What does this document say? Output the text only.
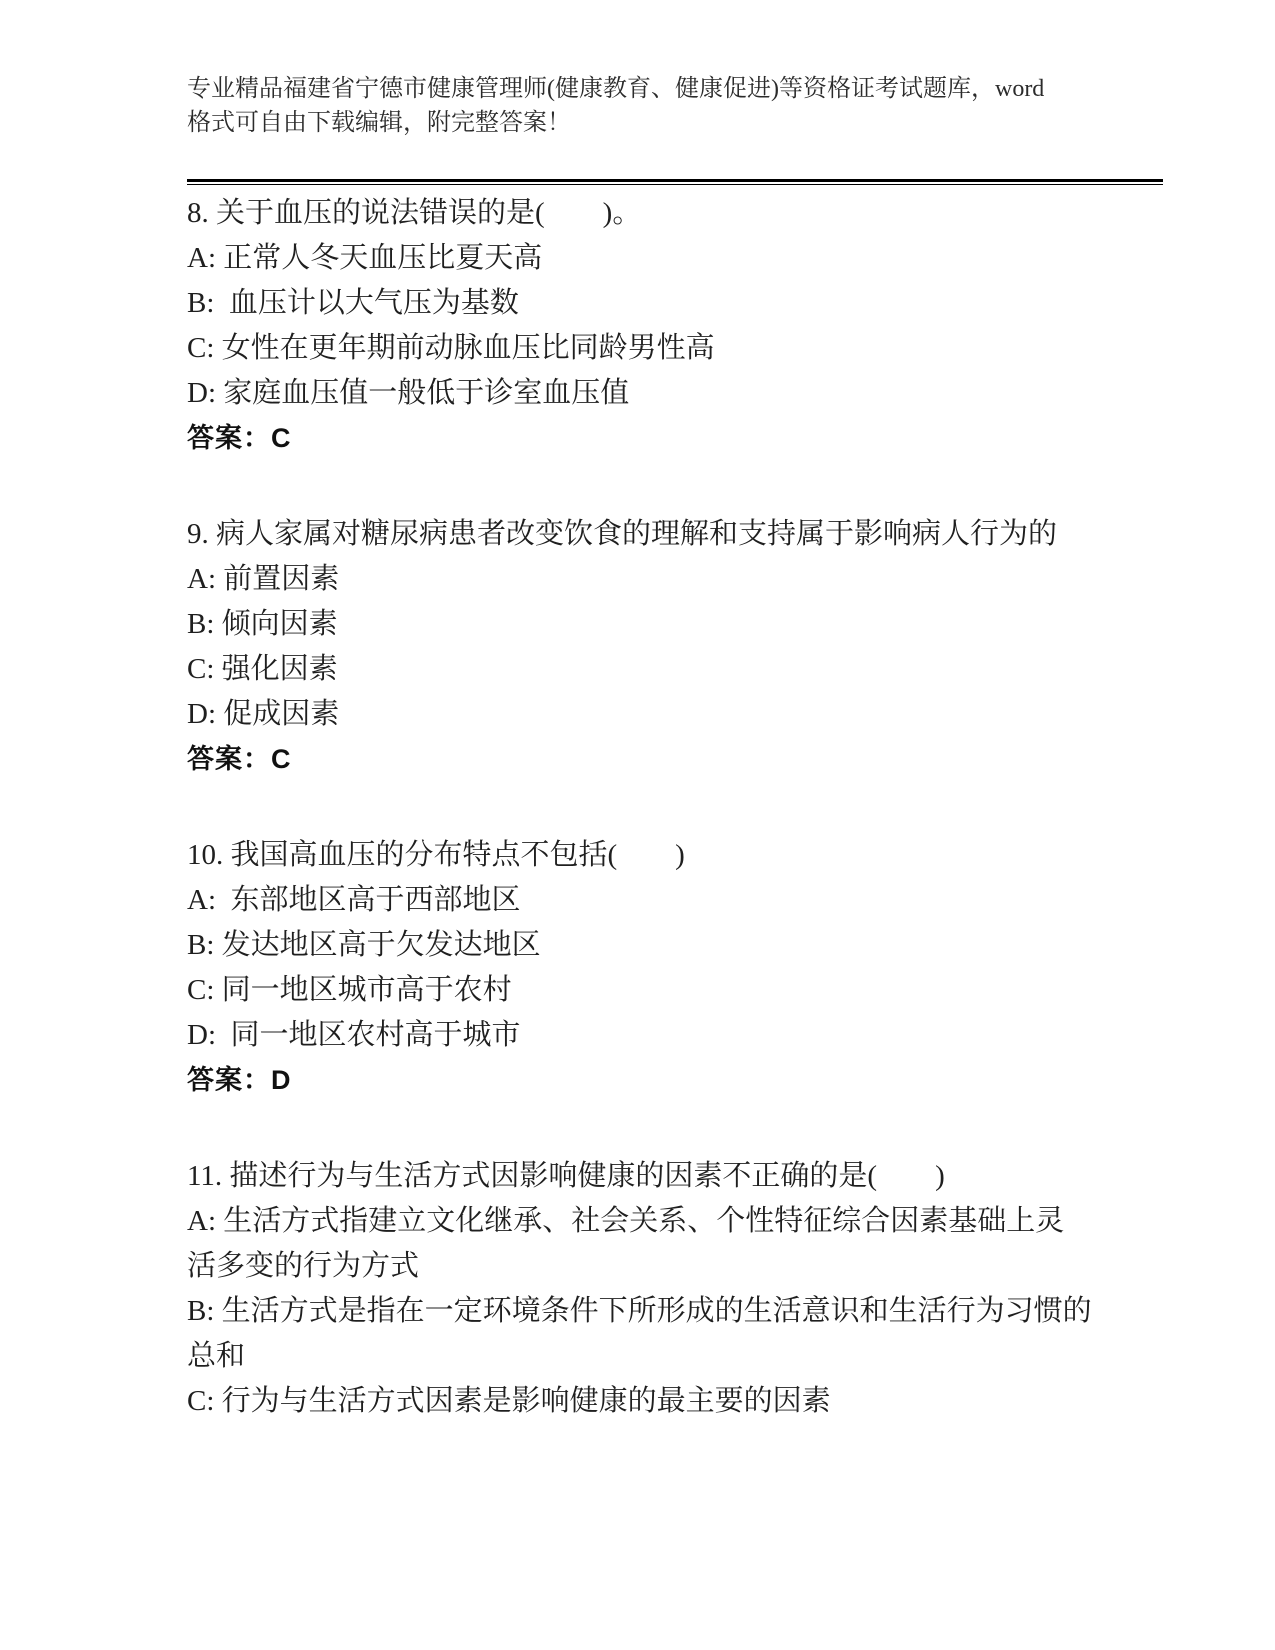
专业精品福建省宁德市健康管理师(健康教育、健康促进)等资格证考试题库，word
格式可自由下载编辑，附完整答案！
8. 关于血压的说法错误的是(　　)。
A: 正常人冬天血压比夏天高
B:  血压计以大气压为基数
C: 女性在更年期前动脉血压比同龄男性高
D: 家庭血压值一般低于诊室血压值
答案：C
9. 病人家属对糖尿病患者改变饮食的理解和支持属于影响病人行为的
A: 前置因素
B: 倾向因素
C: 强化因素
D: 促成因素
答案：C
10. 我国高血压的分布特点不包括(　　)
A:  东部地区高于西部地区
B: 发达地区高于欠发达地区
C: 同一地区城市高于农村
D:  同一地区农村高于城市
答案：D
11. 描述行为与生活方式因影响健康的因素不正确的是(　　)
A: 生活方式指建立文化继承、社会关系、个性特征综合因素基础上灵活多变的行为方式
B: 生活方式是指在一定环境条件下所形成的生活意识和生活行为习惯的总和
C: 行为与生活方式因素是影响健康的最主要的因素
